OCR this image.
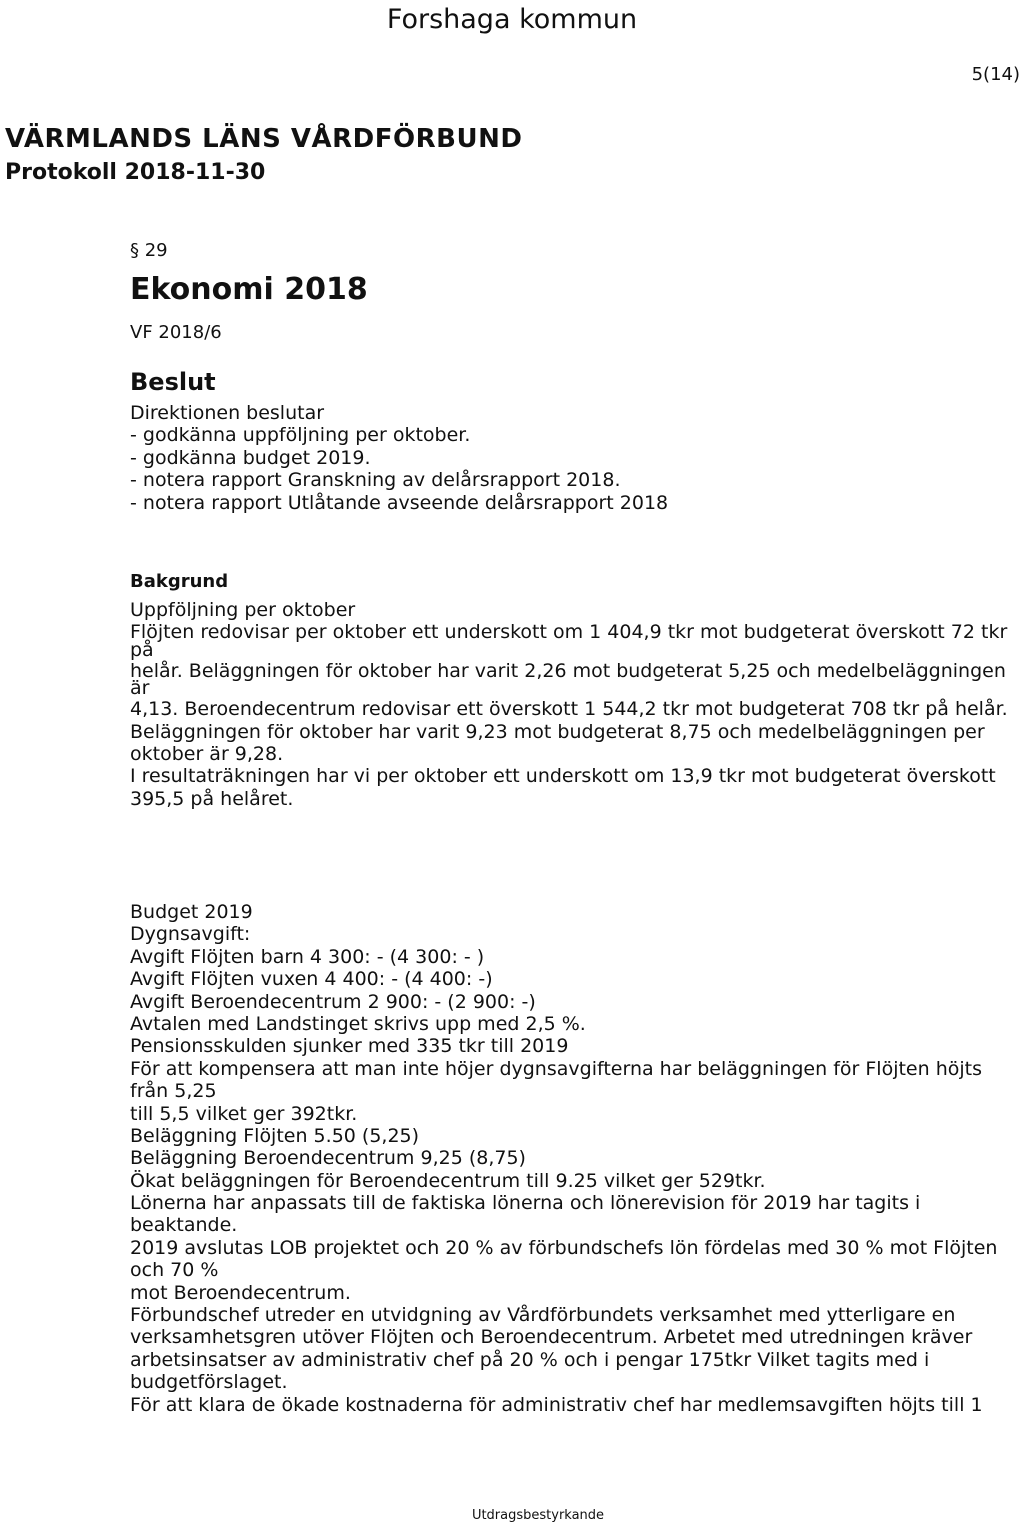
Forshaga kommun
5(14)
VÄRMLANDS LÄNS VÅRDFÖRBUND
Protokoll 2018-11-30
§ 29
Ekonomi 2018
VF 2018/6
Beslut
Direktionen beslutar
- godkänna uppföljning per oktober.
- godkänna budget 2019.
- notera rapport Granskning av delårsrapport 2018.
- notera rapport Utlåtande avseende delårsrapport 2018
Bakgrund
Uppföljning per oktober
Flöjten redovisar per oktober ett underskott om 1 404,9 tkr mot budgeterat överskott 72 tkr
på
helår. Beläggningen för oktober har varit 2,26 mot budgeterat 5,25 och medelbeläggningen
är
4,13. Beroendecentrum redovisar ett överskott 1 544,2 tkr mot budgeterat 708 tkr på helår.
Beläggningen för oktober har varit 9,23 mot budgeterat 8,75 och medelbeläggningen per
oktober är 9,28.
I resultaträkningen har vi per oktober ett underskott om 13,9 tkr mot budgeterat överskott
395,5 på helåret.
Budget 2019
Dygnsavgift:
Avgift Flöjten barn 4 300: - (4 300: - )
Avgift Flöjten vuxen 4 400: - (4 400: -)
Avgift Beroendecentrum 2 900: - (2 900: -)
Avtalen med Landstinget skrivs upp med 2,5 %.
Pensionsskulden sjunker med 335 tkr till 2019
För att kompensera att man inte höjer dygnsavgifterna har beläggningen för Flöjten höjts
från 5,25
till 5,5 vilket ger 392tkr.
Beläggning Flöjten 5.50 (5,25)
Beläggning Beroendecentrum 9,25 (8,75)
Ökat beläggningen för Beroendecentrum till 9.25 vilket ger 529tkr.
Lönerna har anpassats till de faktiska lönerna och lönerevision för 2019 har tagits i
beaktande.
2019 avslutas LOB projektet och 20 % av förbundschefs lön fördelas med 30 % mot Flöjten
och 70 %
mot Beroendecentrum.
Förbundschef utreder en utvidgning av Vårdförbundets verksamhet med ytterligare en
verksamhetsgren utöver Flöjten och Beroendecentrum. Arbetet med utredningen kräver
arbetsinsatser av administrativ chef på 20 % och i pengar 175tkr Vilket tagits med i
budgetförslaget.
För att klara de ökade kostnaderna för administrativ chef har medlemsavgiften höjts till 1
Utdragsbestyrkande
